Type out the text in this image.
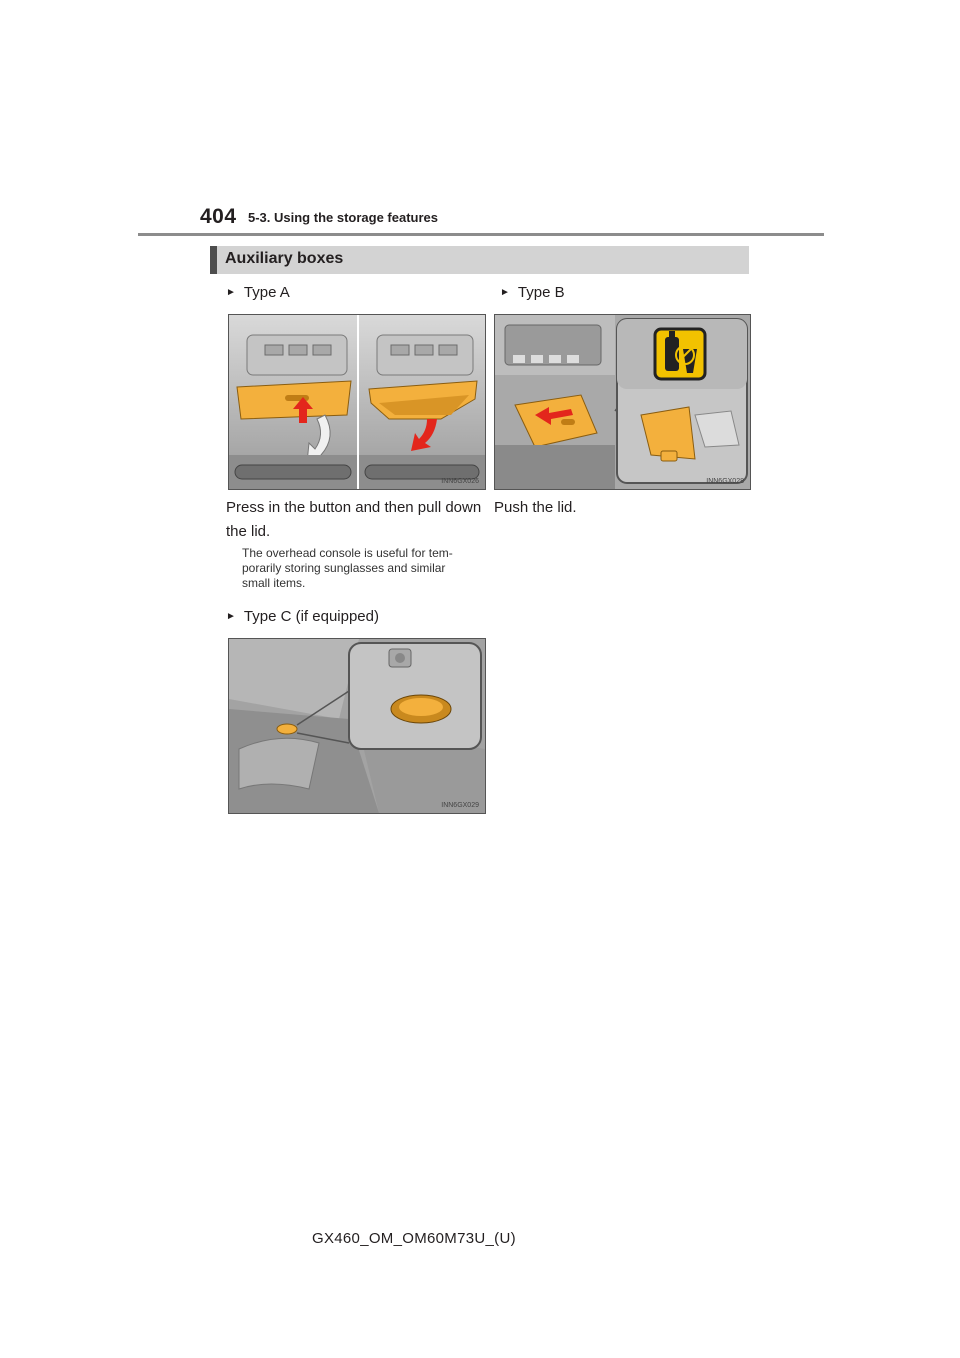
404 5-3. Using the storage features
Auxiliary boxes
► Type A
INN6GX026
Press in the button and then pull down
the lid.
The overhead console is useful for tem-
porarily storing sunglasses and similar
small items.
► Type B
INN6GX028
Push the lid.
► Type C (if equipped)
INN6GX029
GX460_OM_OM60M73U_(U)
